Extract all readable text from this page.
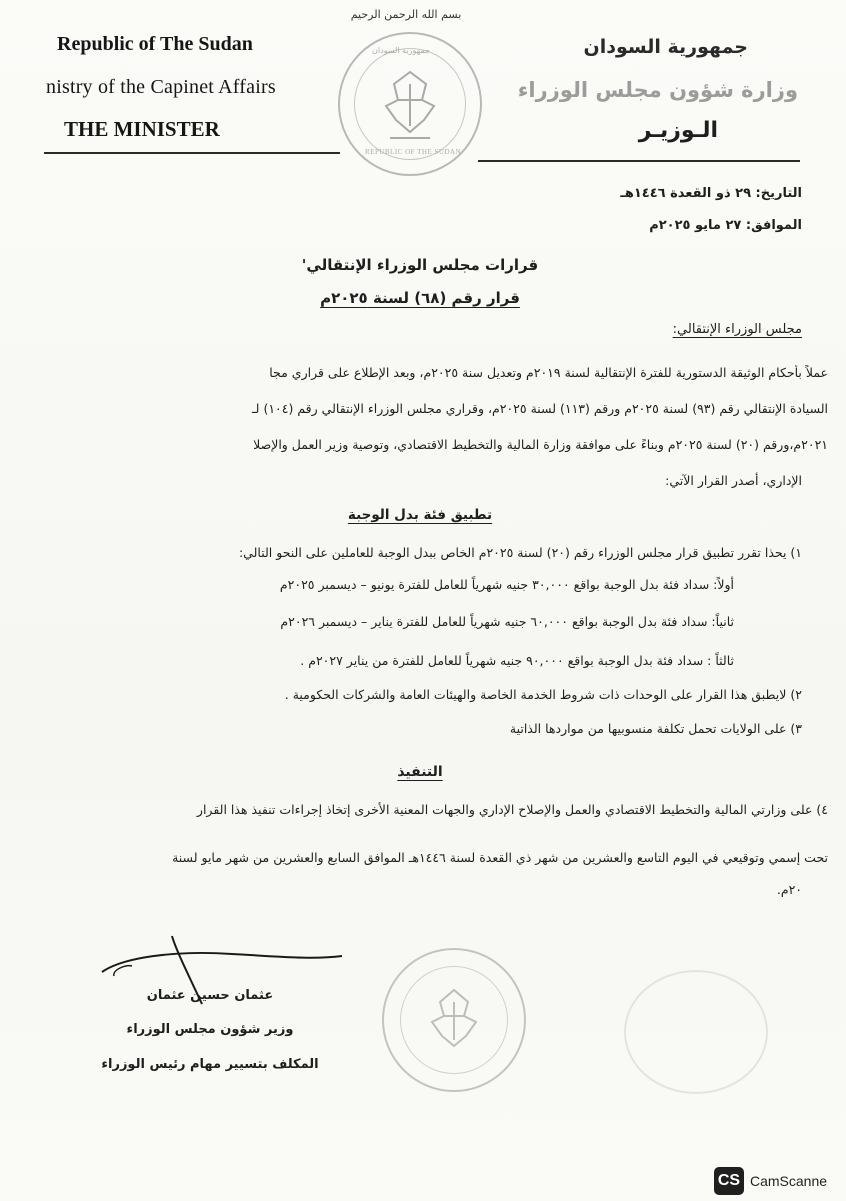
بسم الله الرحمن الرحيم
Republic of The Sudan
nistry of the Capinet Affairs
THE MINISTER
جمهورية السودان
REPUBLIC OF THE SUDAN
جمهورية السودان
وزارة شؤون مجلس الوزراء
الـوزيـر
التاريخ: ٢٩ ذو القعدة ١٤٤٦هـ
الموافق: ٢٧ مايو ٢٠٢٥م
قرارات مجلس الوزراء الإنتقالي'
قرار رقم (٦٨) لسنة ٢٠٢٥م
مجلس الوزراء الإنتقالي:
عملاً بأحكام الوثيقة الدستورية للفترة الإنتقالية لسنة ٢٠١٩م وتعديل سنة ٢٠٢٥م، وبعد الإطلاع على قراري مجا
السيادة الإنتقالي رقم (٩٣) لسنة ٢٠٢٥م ورقم (١١٣) لسنة ٢٠٢٥م، وقراري مجلس الوزراء الإنتقالي رقم (١٠٤) لـ
٢٠٢١م،ورقم (٢٠) لسنة ٢٠٢٥م وبناءً على موافقة وزارة المالية والتخطيط الاقتصادي، وتوصية وزير العمل والإصلا
الإداري، أصدر القرار الآتي:
تطبيق فئة بدل الوجبة
١) يحذا تقرر تطبيق قرار مجلس الوزراء رقم (٢٠) لسنة ٢٠٢٥م الخاص ببدل الوجبة للعاملين على النحو التالي:
أولاً: سداد فئة بدل الوجبة بواقع ٣٠,٠٠٠ جنيه شهرياً للعامل للفترة يونيو – ديسمبر ٢٠٢٥م
ثانياً: سداد فئة بدل الوجبة بواقع ٦٠,٠٠٠ جنيه شهرياً للعامل للفترة يناير – ديسمبر ٢٠٢٦م
ثالثاً : سداد فئة بدل الوجبة بواقع ٩٠,٠٠٠ جنيه شهرياً للعامل للفترة من يناير ٢٠٢٧م .
٢) لايطبق هذا القرار على الوحدات ذات شروط الخدمة الخاصة والهيئات العامة والشركات الحكومية .
٣) على الولايات تحمل تكلفة منسوبيها من مواردها الذاتية
التنفيذ
٤) على وزارتي المالية والتخطيط الاقتصادي والعمل والإصلاح الإداري والجهات المعنية الأخرى إتخاذ إجراءات تنفيذ هذا القرار
تحت إسمي وتوقيعي في اليوم التاسع والعشرين من شهر ذي القعدة لسنة ١٤٤٦هـ الموافق السابع والعشرين من شهر مايو لسنة
٢٠م.
عثمان حسين عثمان
وزير شؤون مجلس الوزراء
المكلف بتسيير مهام رئيس الوزراء
CS CamScanne
